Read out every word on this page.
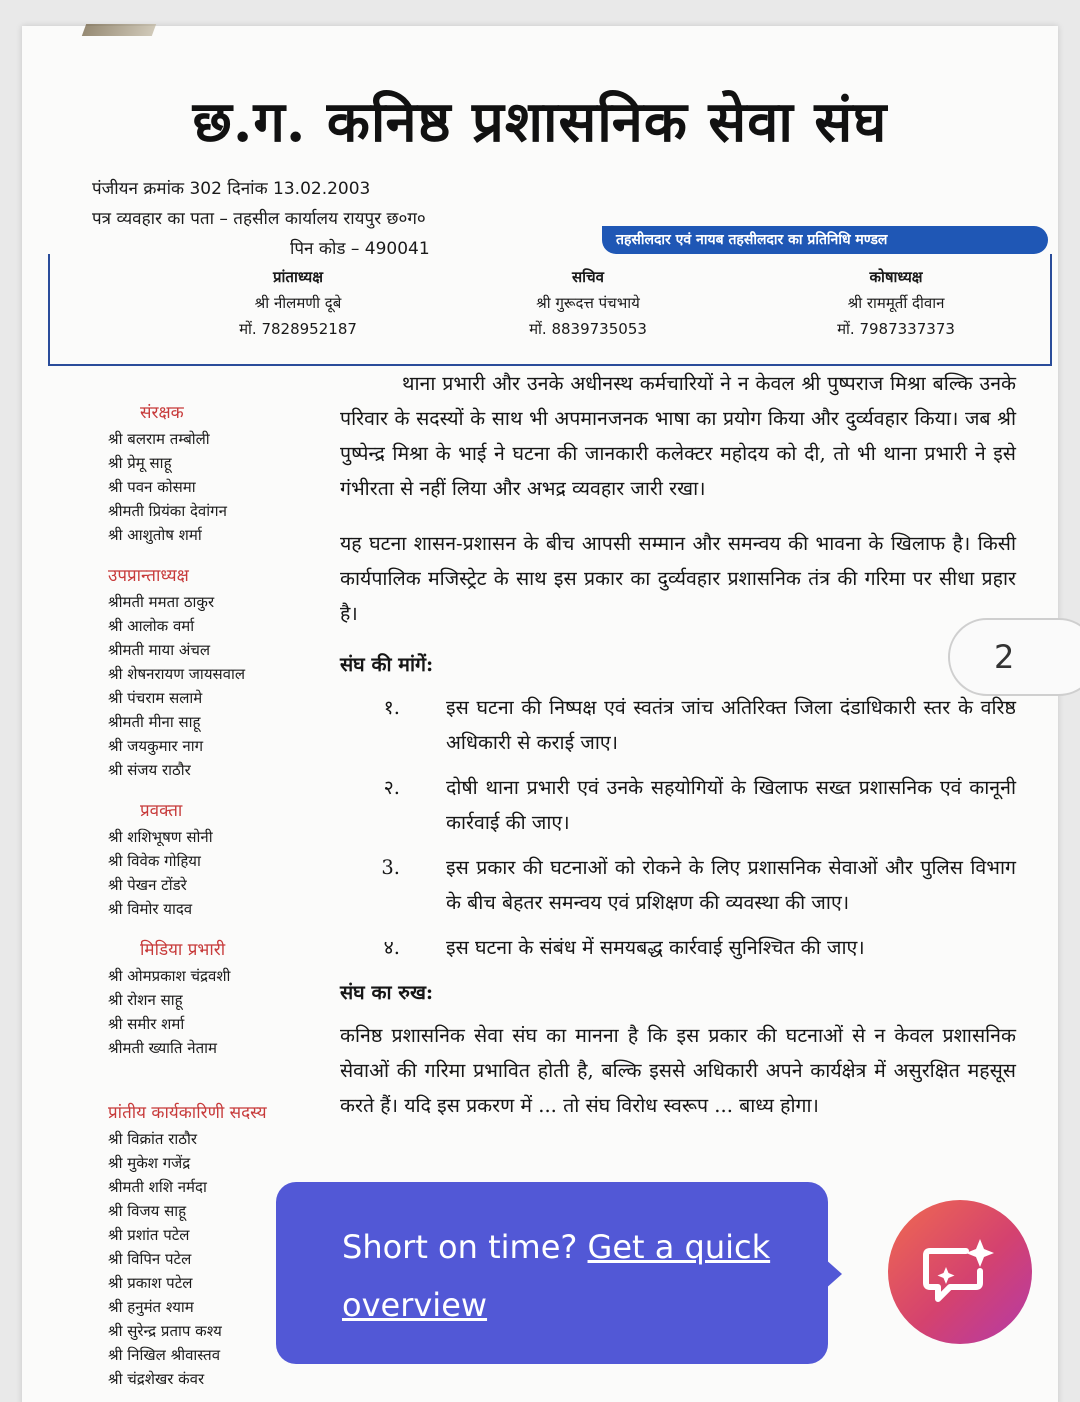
छ.ग. कनिष्ठ प्रशासनिक सेवा संघ
पंजीयन क्रमांक 302 दिनांक 13.02.2003
पत्र व्यवहार का पता – तहसील कार्यालय रायपुर छ०ग०
पिन कोड – 490041	तहसीलदार एवं नायब तहसीलदार का प्रतिनिधि मण्डल
प्रांताध्यक्ष
श्री नीलमणी दूबे
मों. 7828952187
सचिव
श्री गुरूदत्त पंचभाये
मों. 8839735053
कोषाध्यक्ष
श्री राममूर्ती दीवान
मों. 7987337373
संरक्षक
श्री बलराम तम्बोली
श्री प्रेमू साहू
श्री पवन कोसमा
श्रीमती प्रियंका देवांगन
श्री आशुतोष शर्मा
उपप्रान्ताध्यक्ष
श्रीमती ममता ठाकुर
श्री आलोक वर्मा
श्रीमती माया अंचल
श्री शेषनरायण जायसवाल
श्री पंचराम सलामे
श्रीमती मीना साहू
श्री जयकुमार नाग
श्री संजय राठौर
प्रवक्ता
श्री शशिभूषण सोनी
श्री विवेक गोहिया
श्री पेखन टोंडरे
श्री विमोर यादव
मिडिया प्रभारी
श्री ओमप्रकाश चंद्रवशी
श्री रोशन साहू
श्री समीर शर्मा
श्रीमती ख्याति नेताम
प्रांतीय कार्यकारिणी सदस्य
श्री विक्रांत राठौर
श्री मुकेश गजेंद्र
श्रीमती शशि नर्मदा
श्री विजय साहू
श्री प्रशांत पटेल
श्री विपिन पटेल
श्री प्रकाश पटेल
श्री हनुमंत श्याम
श्री सुरेन्द्र प्रताप कश्य
श्री निखिल श्रीवास्तव
श्री चंद्रशेखर कंवर

थाना प्रभारी और उनके अधीनस्थ कर्मचारियों ने न केवल श्री पुष्पराज मिश्रा बल्कि उनके परिवार के सदस्यों के साथ भी अपमानजनक भाषा का प्रयोग किया और दुर्व्यवहार किया। जब श्री पुष्पेन्द्र मिश्रा के भाई ने घटना की जानकारी कलेक्टर महोदय को दी, तो भी थाना प्रभारी ने इसे गंभीरता से नहीं लिया और अभद्र व्यवहार जारी रखा।

यह घटना शासन-प्रशासन के बीच आपसी सम्मान और समन्वय की भावना के खिलाफ है। किसी कार्यपालिक मजिस्ट्रेट के साथ इस प्रकार का दुर्व्यवहार प्रशासनिक तंत्र की गरिमा पर सीधा प्रहार है।

संघ की मांगें:
१. इस घटना की निष्पक्ष एवं स्वतंत्र जांच अतिरिक्त जिला दंडाधिकारी स्तर के वरिष्ठ अधिकारी से कराई जाए।
२. दोषी थाना प्रभारी एवं उनके सहयोगियों के खिलाफ सख्त प्रशासनिक एवं कानूनी कार्रवाई की जाए।
3. इस प्रकार की घटनाओं को रोकने के लिए प्रशासनिक सेवाओं और पुलिस विभाग के बीच बेहतर समन्वय एवं प्रशिक्षण की व्यवस्था की जाए।
४. इस घटना के संबंध में समयबद्ध कार्रवाई सुनिश्चित की जाए।
संघ का रुख:

कनिष्ठ प्रशासनिक सेवा संघ का मानना है कि इस प्रकार की घटनाओं से न केवल प्रशासनिक सेवाओं की गरिमा प्रभावित होती है, बल्कि इससे अधिकारी अपने कार्यक्षेत्र में असुरक्षित महसूस करते हैं। यदि इस प्रकरण में ... तो संघ विरोध स्वरूप ... बाध्य होगा।

2
Short on time? Get a quick overview
